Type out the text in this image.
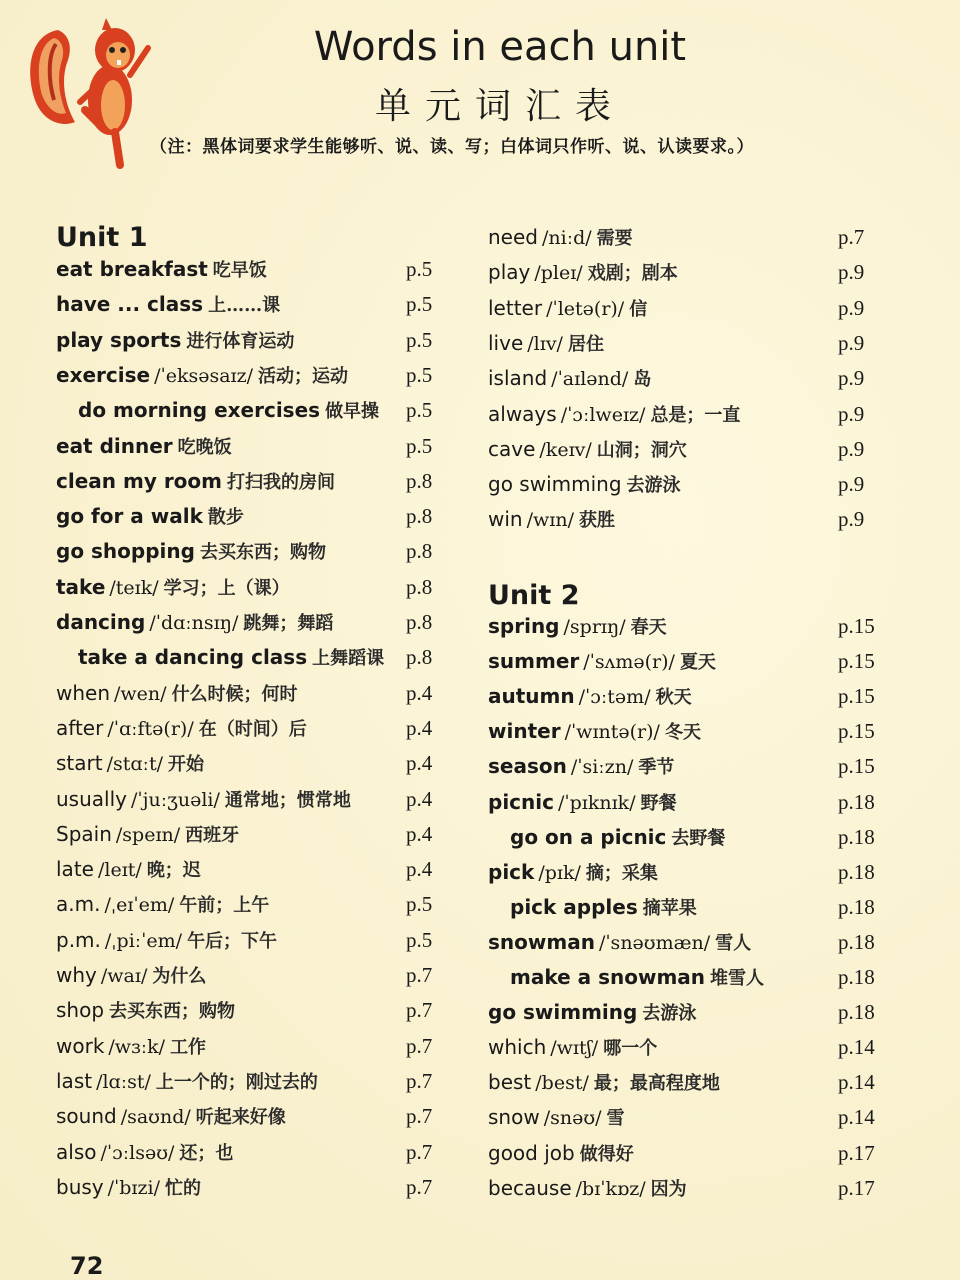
Words in each unit
单元词汇表
（注：黑体词要求学生能够听、说、读、写；白体词只作听、说、认读要求。）
Unit 1
eat breakfast 吃早饭	p.5
have ... class 上……课	p.5
play sports 进行体育运动	p.5
exercise /ˈeksəsaɪz/ 活动；运动	p.5
do morning exercises 做早操	p.5
eat dinner 吃晚饭	p.5
clean my room 打扫我的房间	p.8
go for a walk 散步	p.8
go shopping 去买东西；购物	p.8
take /teɪk/ 学习；上（课）	p.8
dancing /ˈdɑːnsɪŋ/ 跳舞；舞蹈	p.8
take a dancing class 上舞蹈课	p.8
when /wen/ 什么时候；何时	p.4
after /ˈɑːftə(r)/ 在（时间）后	p.4
start /stɑːt/ 开始	p.4
usually /ˈjuːʒuəli/ 通常地；惯常地	p.4
Spain /speɪn/ 西班牙	p.4
late /leɪt/ 晚；迟	p.4
a.m. /ˌeɪˈem/ 午前；上午	p.5
p.m. /ˌpiːˈem/ 午后；下午	p.5
why /waɪ/ 为什么	p.7
shop 去买东西；购物	p.7
work /wɜːk/ 工作	p.7
last /lɑːst/ 上一个的；刚过去的	p.7
sound /saʊnd/ 听起来好像	p.7
also /ˈɔːlsəʊ/ 还；也	p.7
busy /ˈbɪzi/ 忙的	p.7
need /niːd/ 需要	p.7
play /pleɪ/ 戏剧；剧本	p.9
letter /ˈletə(r)/ 信	p.9
live /lɪv/ 居住	p.9
island /ˈaɪlənd/ 岛	p.9
always /ˈɔːlweɪz/ 总是；一直	p.9
cave /keɪv/ 山洞；洞穴	p.9
go swimming 去游泳	p.9
win /wɪn/ 获胜	p.9
Unit 2
spring /sprɪŋ/ 春天	p.15
summer /ˈsʌmə(r)/ 夏天	p.15
autumn /ˈɔːtəm/ 秋天	p.15
winter /ˈwɪntə(r)/ 冬天	p.15
season /ˈsiːzn/ 季节	p.15
picnic /ˈpɪknɪk/ 野餐	p.18
go on a picnic 去野餐	p.18
pick /pɪk/ 摘；采集	p.18
pick apples 摘苹果	p.18
snowman /ˈsnəʊmæn/ 雪人	p.18
make a snowman 堆雪人	p.18
go swimming 去游泳	p.18
which /wɪtʃ/ 哪一个	p.14
best /best/ 最；最高程度地	p.14
snow /snəʊ/ 雪	p.14
good job 做得好	p.17
because /bɪˈkɒz/ 因为	p.17
72
